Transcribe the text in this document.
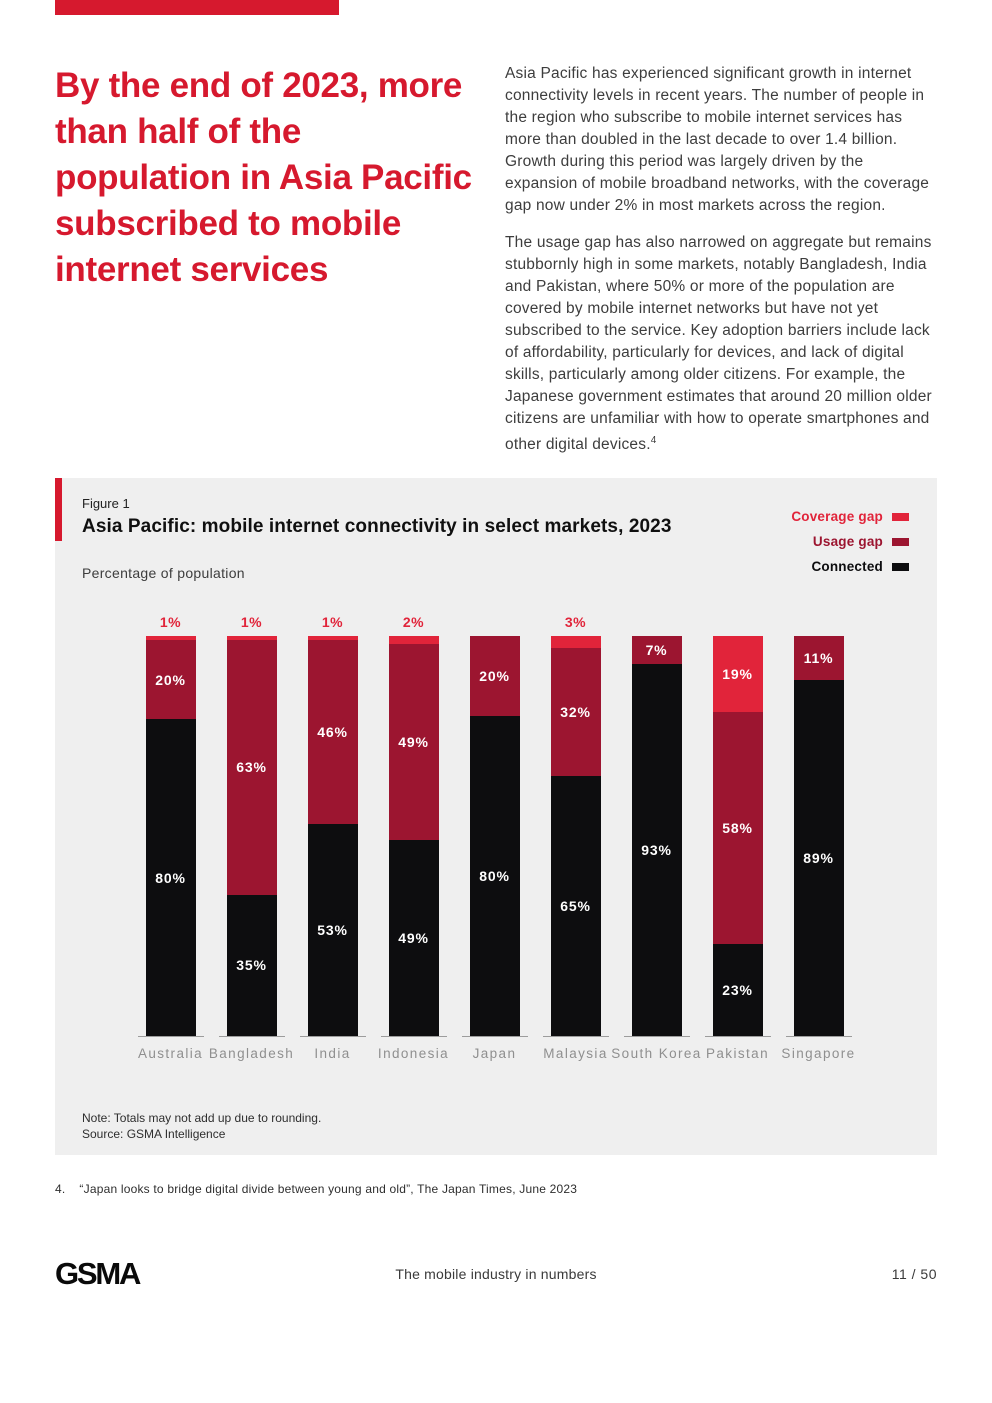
By the end of 2023, more than half of the population in Asia Pacific subscribed to mobile internet services

Asia Pacific has experienced significant growth in internet connectivity levels in recent years. The number of people in the region who subscribe to mobile internet services has more than doubled in the last decade to over 1.4 billion. Growth during this period was largely driven by the expansion of mobile broadband networks, with the coverage gap now under 2% in most markets across the region.

The usage gap has also narrowed on aggregate but remains stubbornly high in some markets, notably Bangladesh, India and Pakistan, where 50% or more of the population are covered by mobile internet networks but have not yet subscribed to the service. Key adoption barriers include lack of affordability, particularly for devices, and lack of digital skills, particularly among older citizens. For example, the Japanese government estimates that around 20 million older citizens are unfamiliar with how to operate smartphones and other digital devices.$^4$

Figure 1
Asia Pacific: mobile internet connectivity in select markets, 2023
Percentage of population
Coverage gap
Usage gap
Connected
1%
20%
80%
Australia
1%
63%
35%
Bangladesh
1%
46%
53%
India
2%
49%
49%
Indonesia
20%
80%
Japan
3%
32%
65%
Malaysia
7%
93%
South Korea
19%
58%
23%
Pakistan
11%
89%
Singapore
Note: Totals may not add up due to rounding.
Source: GSMA Intelligence
4. “Japan looks to bridge digital divide between young and old”, The Japan Times, June 2023
GSMA	The mobile industry in numbers	11 / 50
